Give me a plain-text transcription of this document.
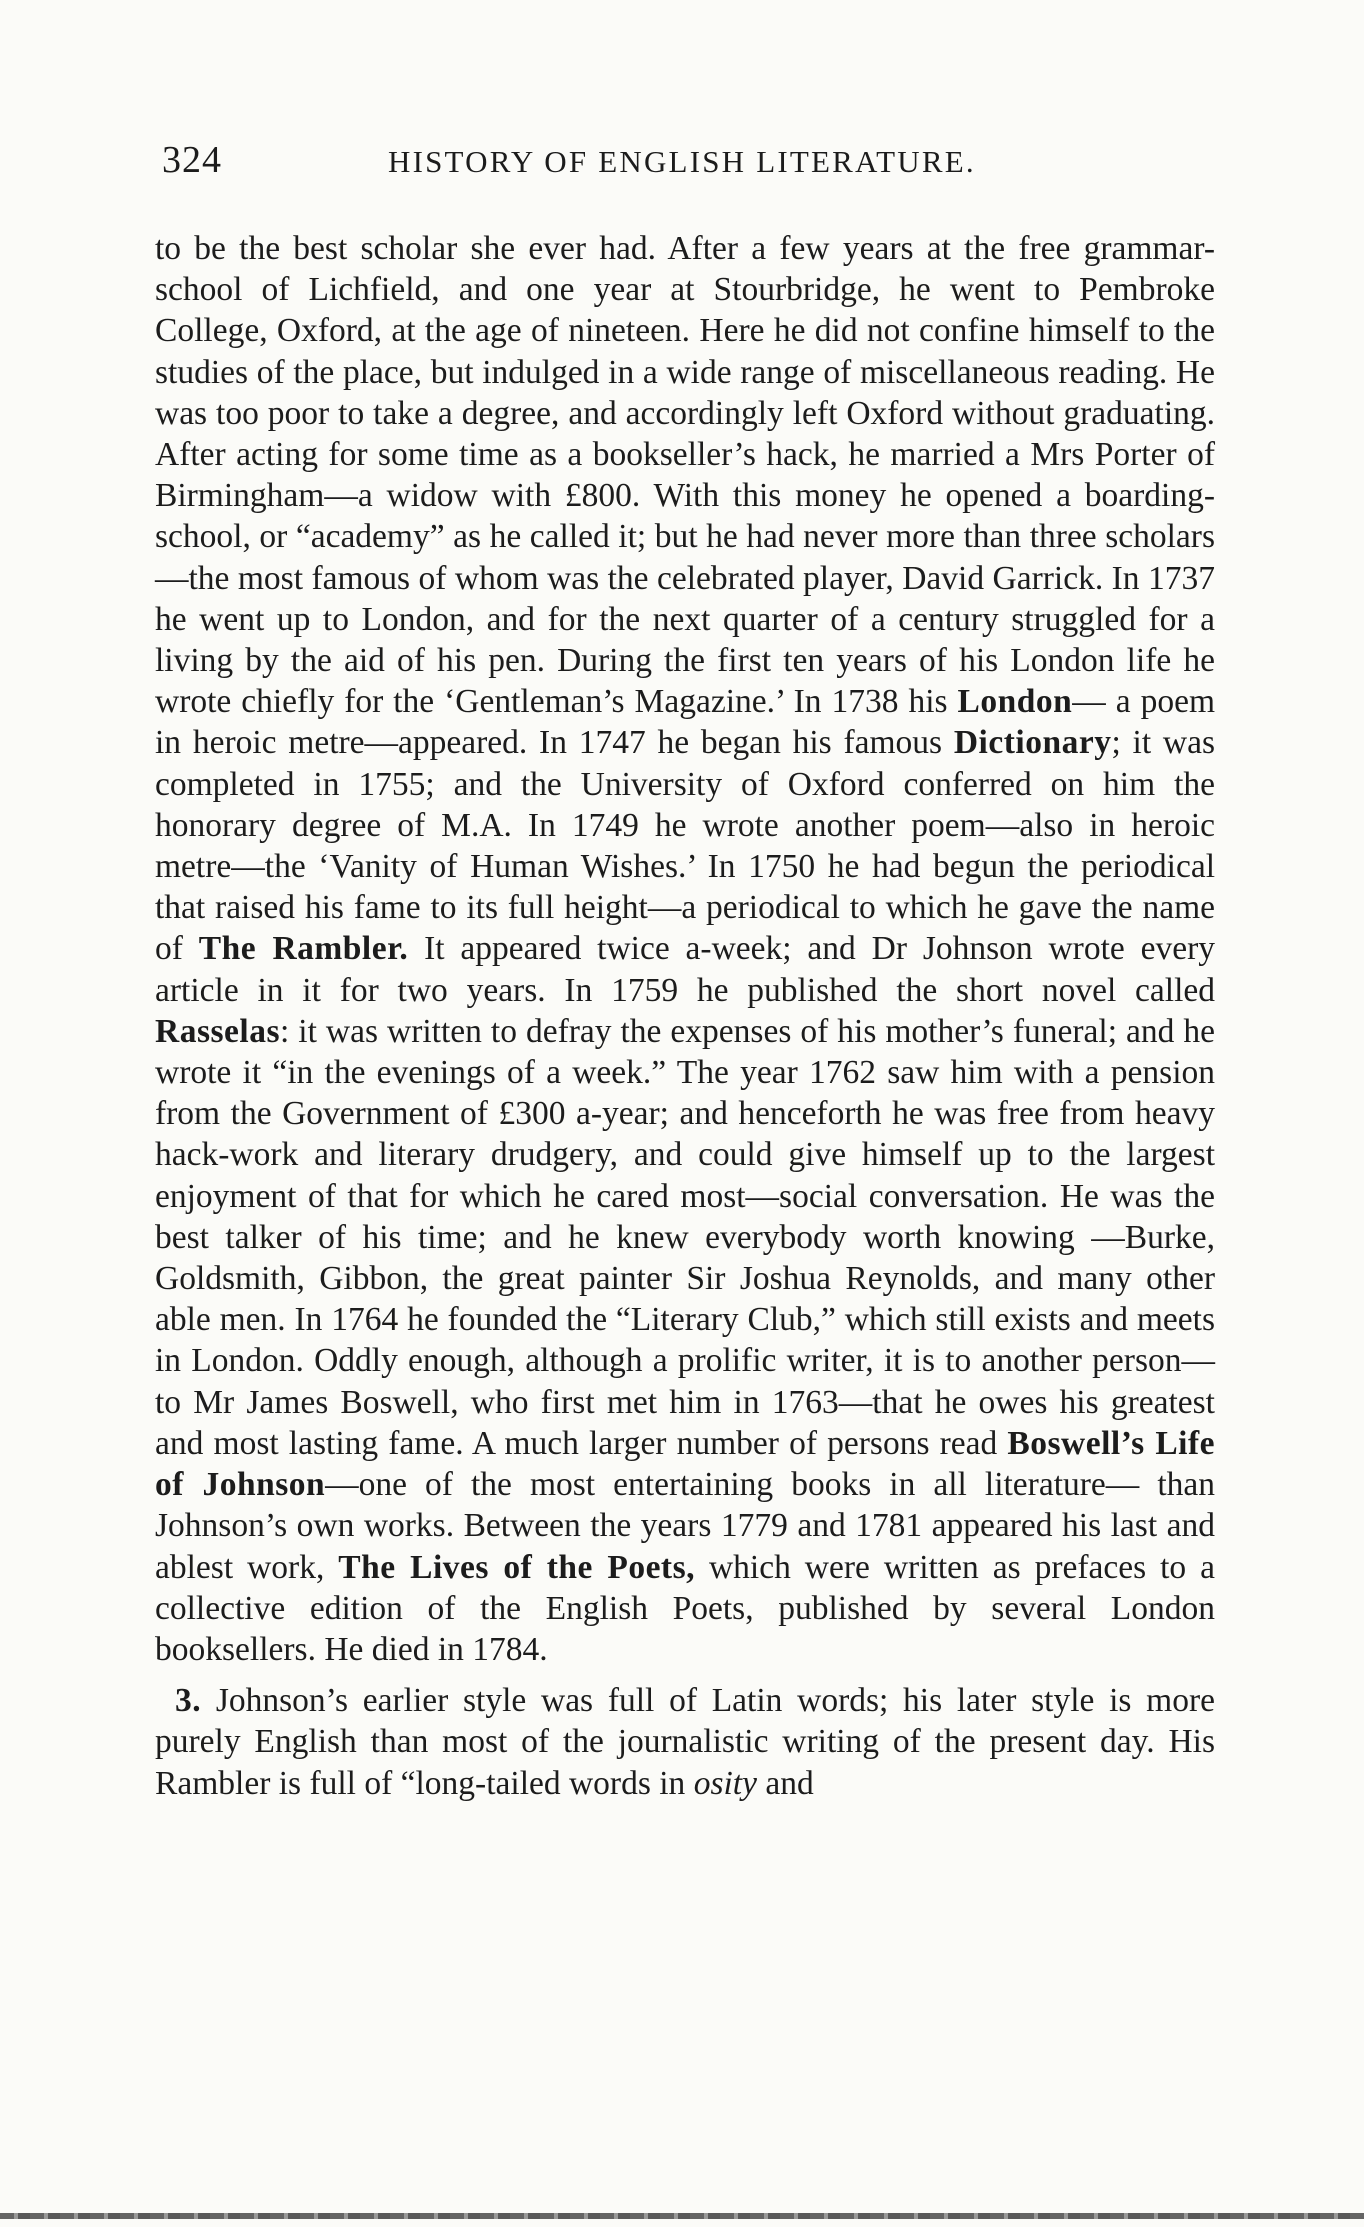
324	HISTORY OF ENGLISH LITERATURE.

to be the best scholar she ever had. After a few years at the free grammar-school of Lichfield, and one year at Stourbridge, he went to Pembroke College, Oxford, at the age of nineteen. Here he did not confine himself to the studies of the place, but indulged in a wide range of miscellaneous reading. He was too poor to take a degree, and accordingly left Oxford without graduating. After acting for some time as a bookseller’s hack, he married a Mrs Porter of Birmingham—a widow with £800. With this money he opened a boarding-school, or “academy” as he called it; but he had never more than three scholars—the most famous of whom was the celebrated player, David Garrick. In 1737 he went up to London, and for the next quarter of a century struggled for a living by the aid of his pen. During the first ten years of his London life he wrote chiefly for the ‘Gentleman’s Magazine.’ In 1738 his London— a poem in heroic metre—appeared. In 1747 he began his famous Dictionary; it was completed in 1755; and the University of Oxford conferred on him the honorary degree of M.A. In 1749 he wrote another poem—also in heroic metre—the ‘Vanity of Human Wishes.’ In 1750 he had begun the periodical that raised his fame to its full height—a periodical to which he gave the name of The Rambler. It appeared twice a-week; and Dr Johnson wrote every article in it for two years. In 1759 he published the short novel called Rasselas: it was written to defray the expenses of his mother’s funeral; and he wrote it “in the evenings of a week.” The year 1762 saw him with a pension from the Government of £300 a-year; and henceforth he was free from heavy hack-work and literary drudgery, and could give himself up to the largest enjoyment of that for which he cared most—social conversation. He was the best talker of his time; and he knew everybody worth knowing —Burke, Goldsmith, Gibbon, the great painter Sir Joshua Reynolds, and many other able men. In 1764 he founded the “Literary Club,” which still exists and meets in London. Oddly enough, although a prolific writer, it is to another person—to Mr James Boswell, who first met him in 1763—that he owes his greatest and most lasting fame. A much larger number of persons read Boswell’s Life of Johnson—one of the most entertaining books in all literature— than Johnson’s own works. Between the years 1779 and 1781 appeared his last and ablest work, The Lives of the Poets, which were written as prefaces to a collective edition of the English Poets, published by several London booksellers. He died in 1784.

3. Johnson’s earlier style was full of Latin words; his later style is more purely English than most of the journalistic writing of the present day. His Rambler is full of “long-tailed words in osity and
